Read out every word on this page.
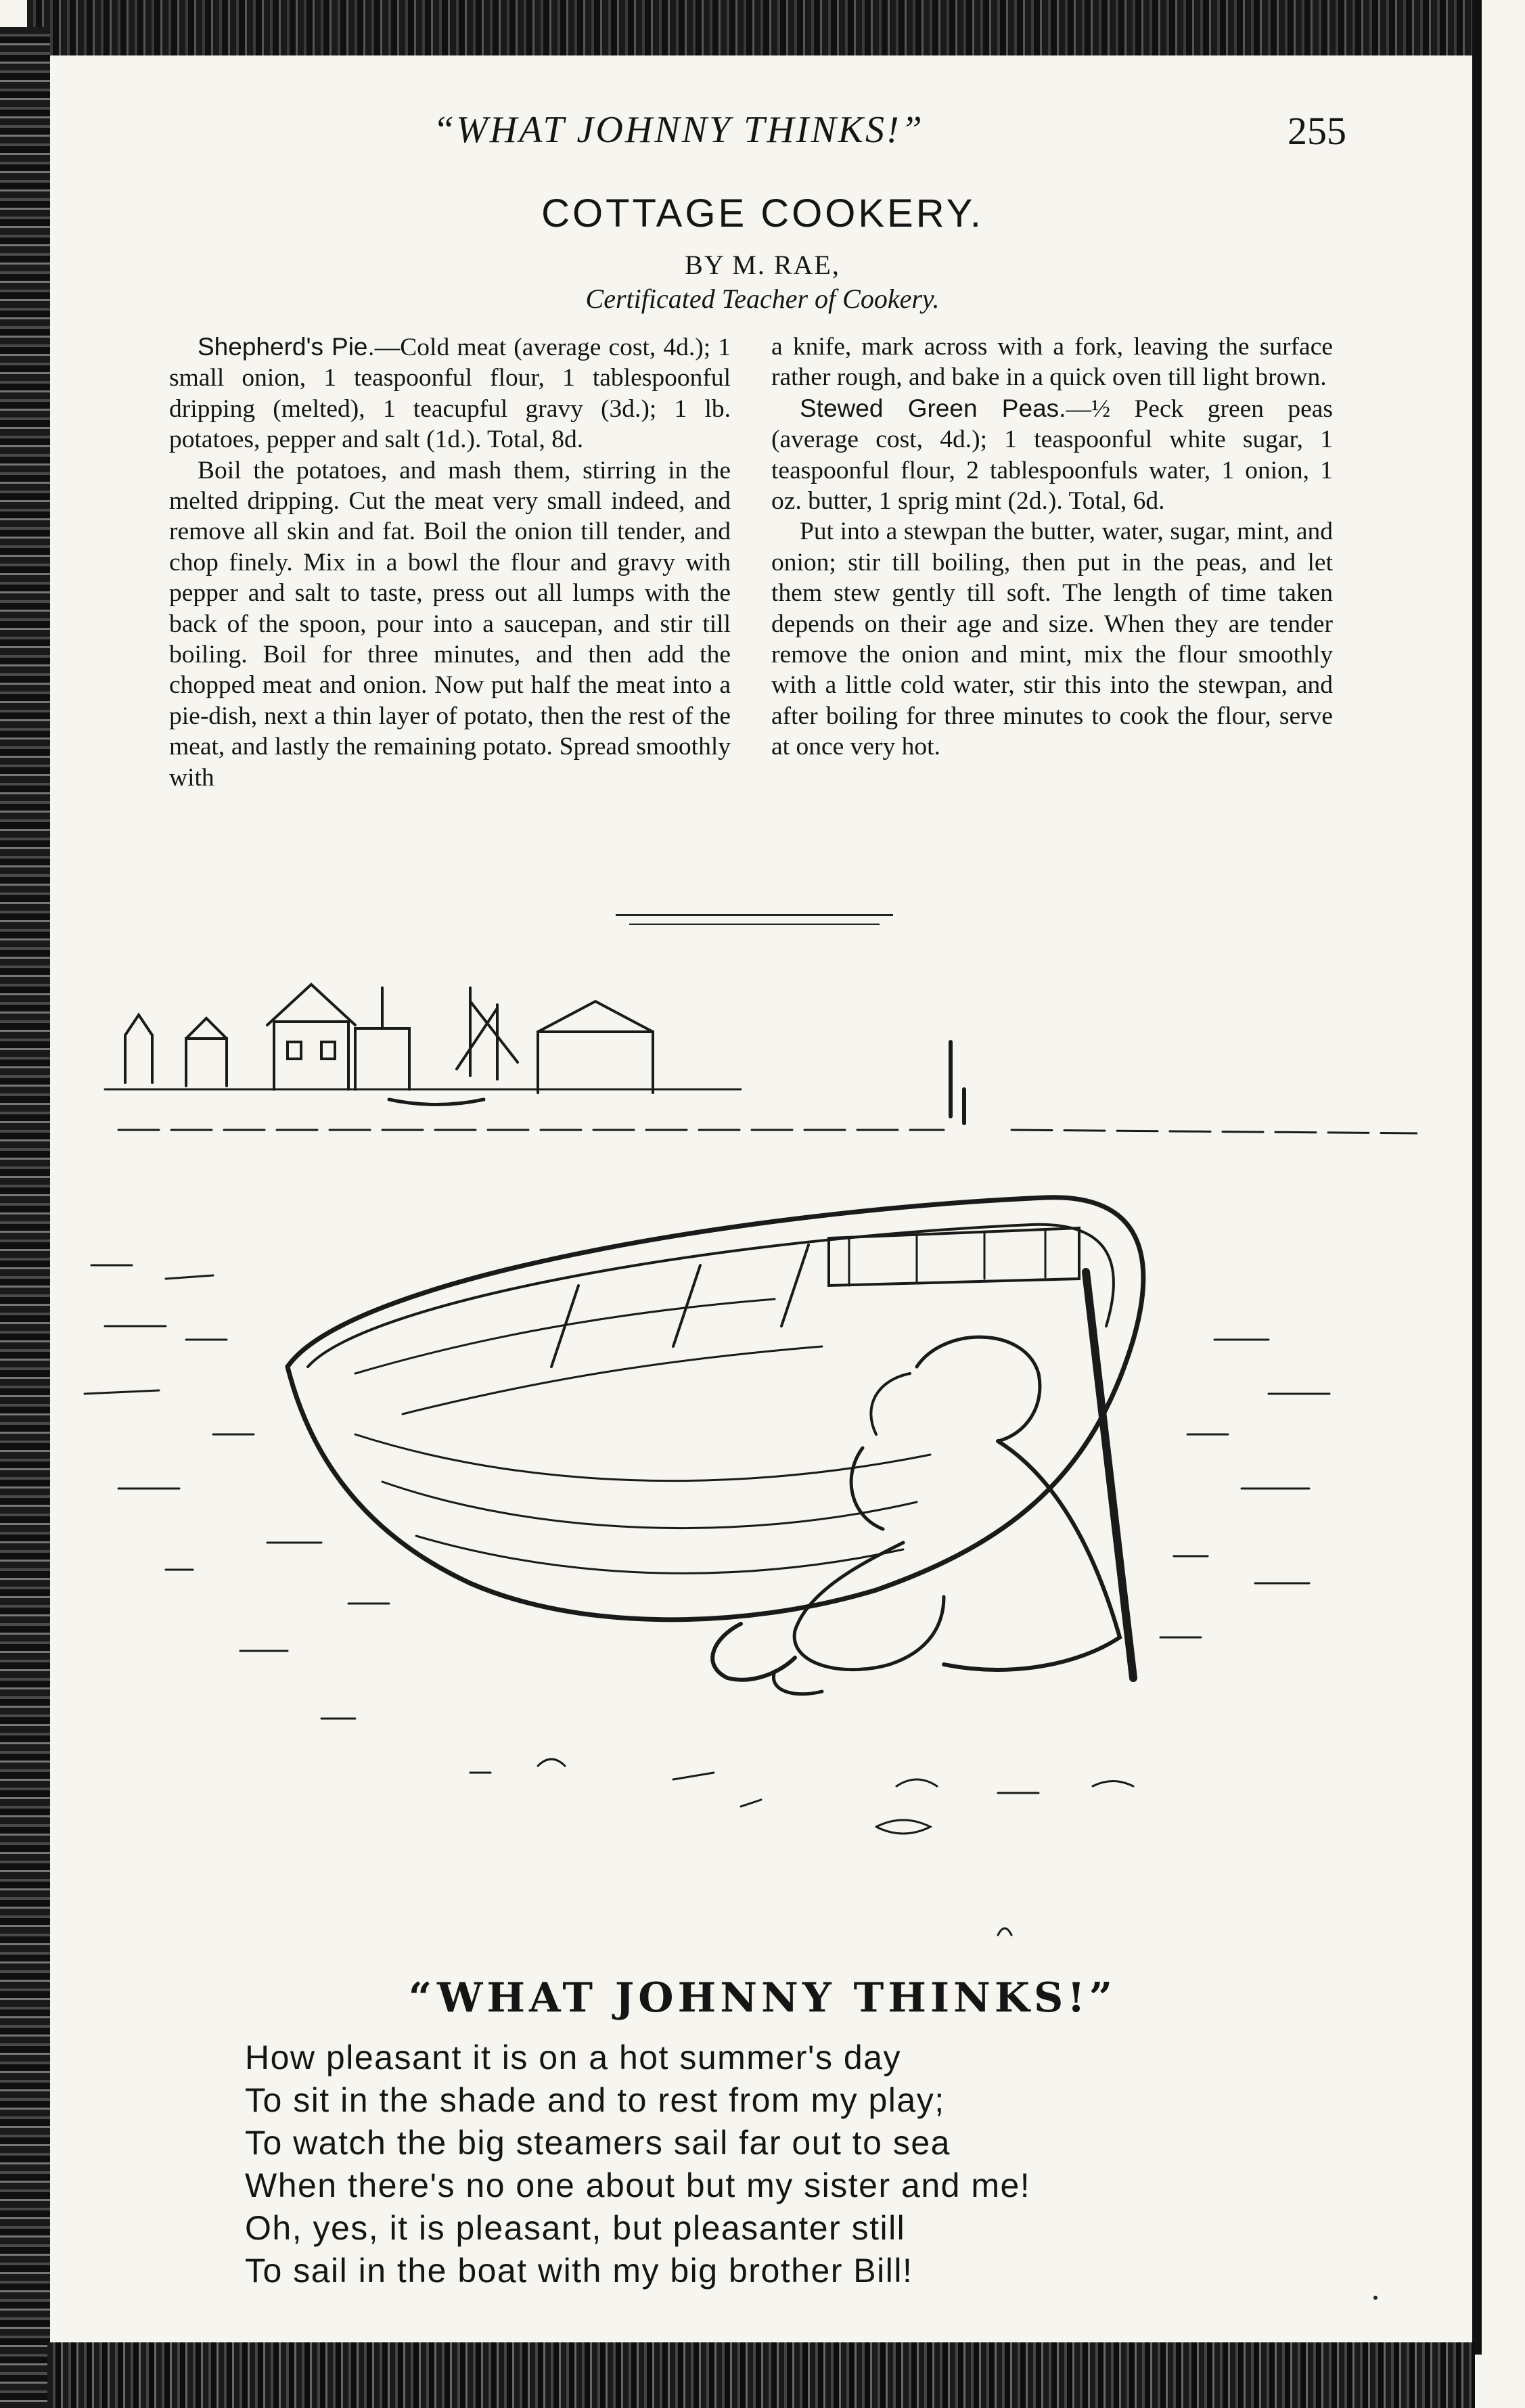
“WHAT JOHNNY THINKS!”	255
COTTAGE COOKERY.
BY M. RAE,
Certificated Teacher of Cookery.

Shepherd's Pie.—Cold meat (average cost, 4d.); 1 small onion, 1 teaspoonful flour, 1 tablespoonful dripping (melted), 1 teacupful gravy (3d.); 1 lb. potatoes, pepper and salt (1d.). Total, 8d.

Boil the potatoes, and mash them, stirring in the melted dripping. Cut the meat very small indeed, and remove all skin and fat. Boil the onion till tender, and chop finely. Mix in a bowl the flour and gravy with pepper and salt to taste, press out all lumps with the back of the spoon, pour into a saucepan, and stir till boiling. Boil for three minutes, and then add the chopped meat and onion. Now put half the meat into a pie-dish, next a thin layer of potato, then the rest of the meat, and lastly the remaining potato. Spread smoothly with

a knife, mark across with a fork, leaving the surface rather rough, and bake in a quick oven till light brown.

Stewed Green Peas.—½ Peck green peas (average cost, 4d.); 1 teaspoonful white sugar, 1 teaspoonful flour, 2 tablespoonfuls water, 1 onion, 1 oz. butter, 1 sprig mint (2d.). Total, 6d.

Put into a stewpan the butter, water, sugar, mint, and onion; stir till boiling, then put in the peas, and let them stew gently till soft. The length of time taken depends on their age and size. When they are tender remove the onion and mint, mix the flour smoothly with a little cold water, stir this into the stewpan, and after boiling for three minutes to cook the flour, serve at once very hot.

“WHAT JOHNNY THINKS!”
How pleasant it is on a hot summer's day
To sit in the shade and to rest from my play;
To watch the big steamers sail far out to sea
When there's no one about but my sister and me!
Oh, yes, it is pleasant, but pleasanter still
To sail in the boat with my big brother Bill!
